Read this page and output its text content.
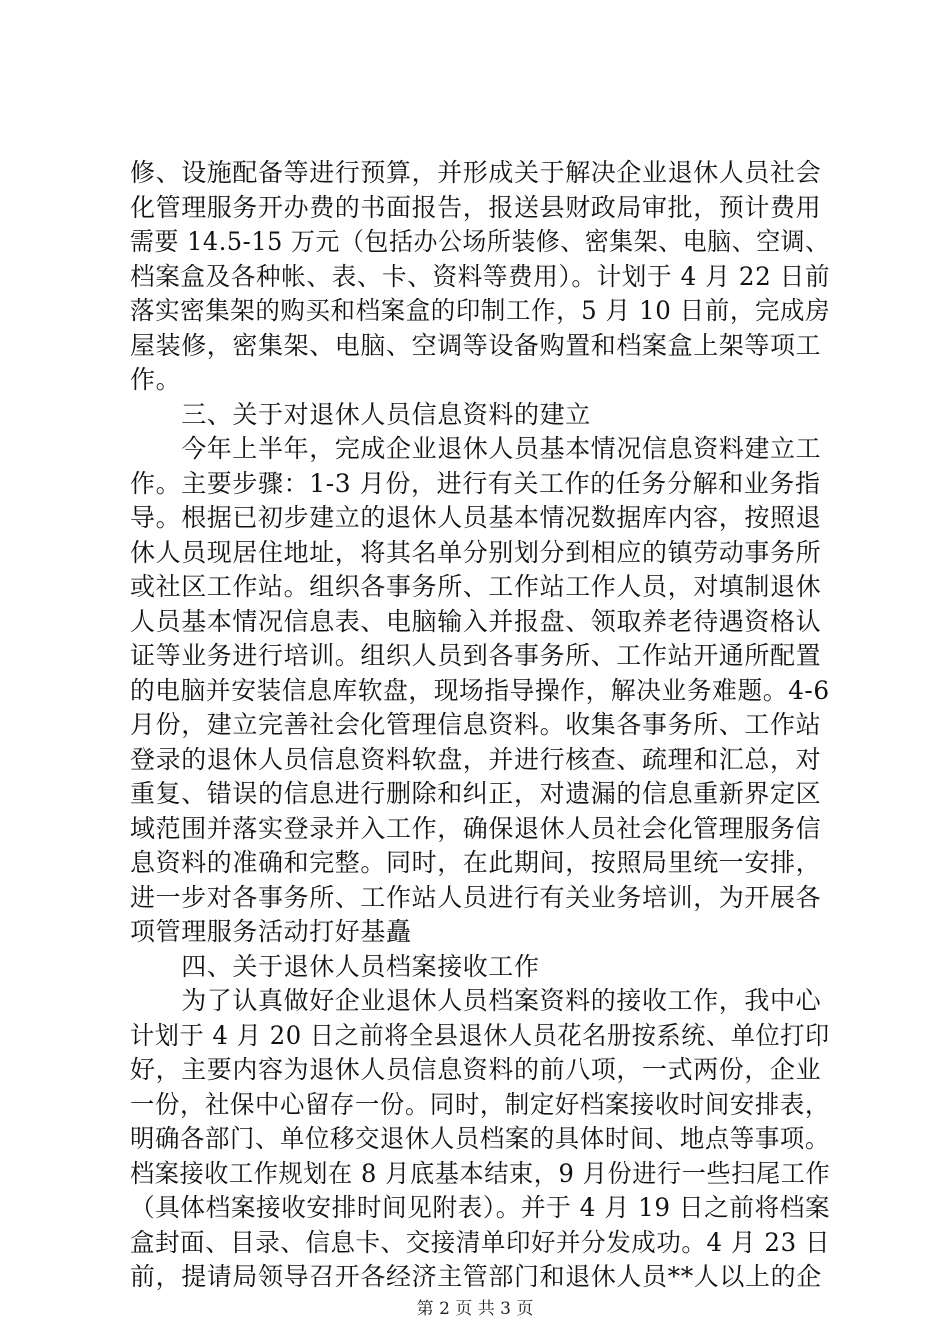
修、设施配备等进行预算，并形成关于解决企业退休人员社会
化管理服务开办费的书面报告，报送县财政局审批，预计费用
需要 14.5-15 万元（包括办公场所装修、密集架、电脑、空调、
档案盒及各种帐、表、卡、资料等费用）。计划于 4 月 22 日前
落实密集架的购买和档案盒的印制工作，5 月 10 日前，完成房
屋装修，密集架、电脑、空调等设备购置和档案盒上架等项工
作。
　　三、关于对退休人员信息资料的建立
　　今年上半年，完成企业退休人员基本情况信息资料建立工
作。主要步骤：1-3 月份，进行有关工作的任务分解和业务指
导。根据已初步建立的退休人员基本情况数据库内容，按照退
休人员现居住地址，将其名单分别划分到相应的镇劳动事务所
或社区工作站。组织各事务所、工作站工作人员，对填制退休
人员基本情况信息表、电脑输入并报盘、领取养老待遇资格认
证等业务进行培训。组织人员到各事务所、工作站开通所配置
的电脑并安装信息库软盘，现场指导操作，解决业务难题。4-6
月份，建立完善社会化管理信息资料。收集各事务所、工作站
登录的退休人员信息资料软盘，并进行核查、疏理和汇总，对
重复、错误的信息进行删除和纠正，对遗漏的信息重新界定区
域范围并落实登录并入工作，确保退休人员社会化管理服务信
息资料的准确和完整。同时，在此期间，按照局里统一安排，
进一步对各事务所、工作站人员进行有关业务培训，为开展各
项管理服务活动打好基矗
　　四、关于退休人员档案接收工作
　　为了认真做好企业退休人员档案资料的接收工作，我中心
计划于 4 月 20 日之前将全县退休人员花名册按系统、单位打印
好，主要内容为退休人员信息资料的前八项，一式两份，企业
一份，社保中心留存一份。同时，制定好档案接收时间安排表，
明确各部门、单位移交退休人员档案的具体时间、地点等事项。
档案接收工作规划在 8 月底基本结束，9 月份进行一些扫尾工作
（具体档案接收安排时间见附表）。并于 4 月 19 日之前将档案
盒封面、目录、信息卡、交接清单印好并分发成功。4 月 23 日
前，提请局领导召开各经济主管部门和退休人员**人以上的企
第 2 页 共 3 页
